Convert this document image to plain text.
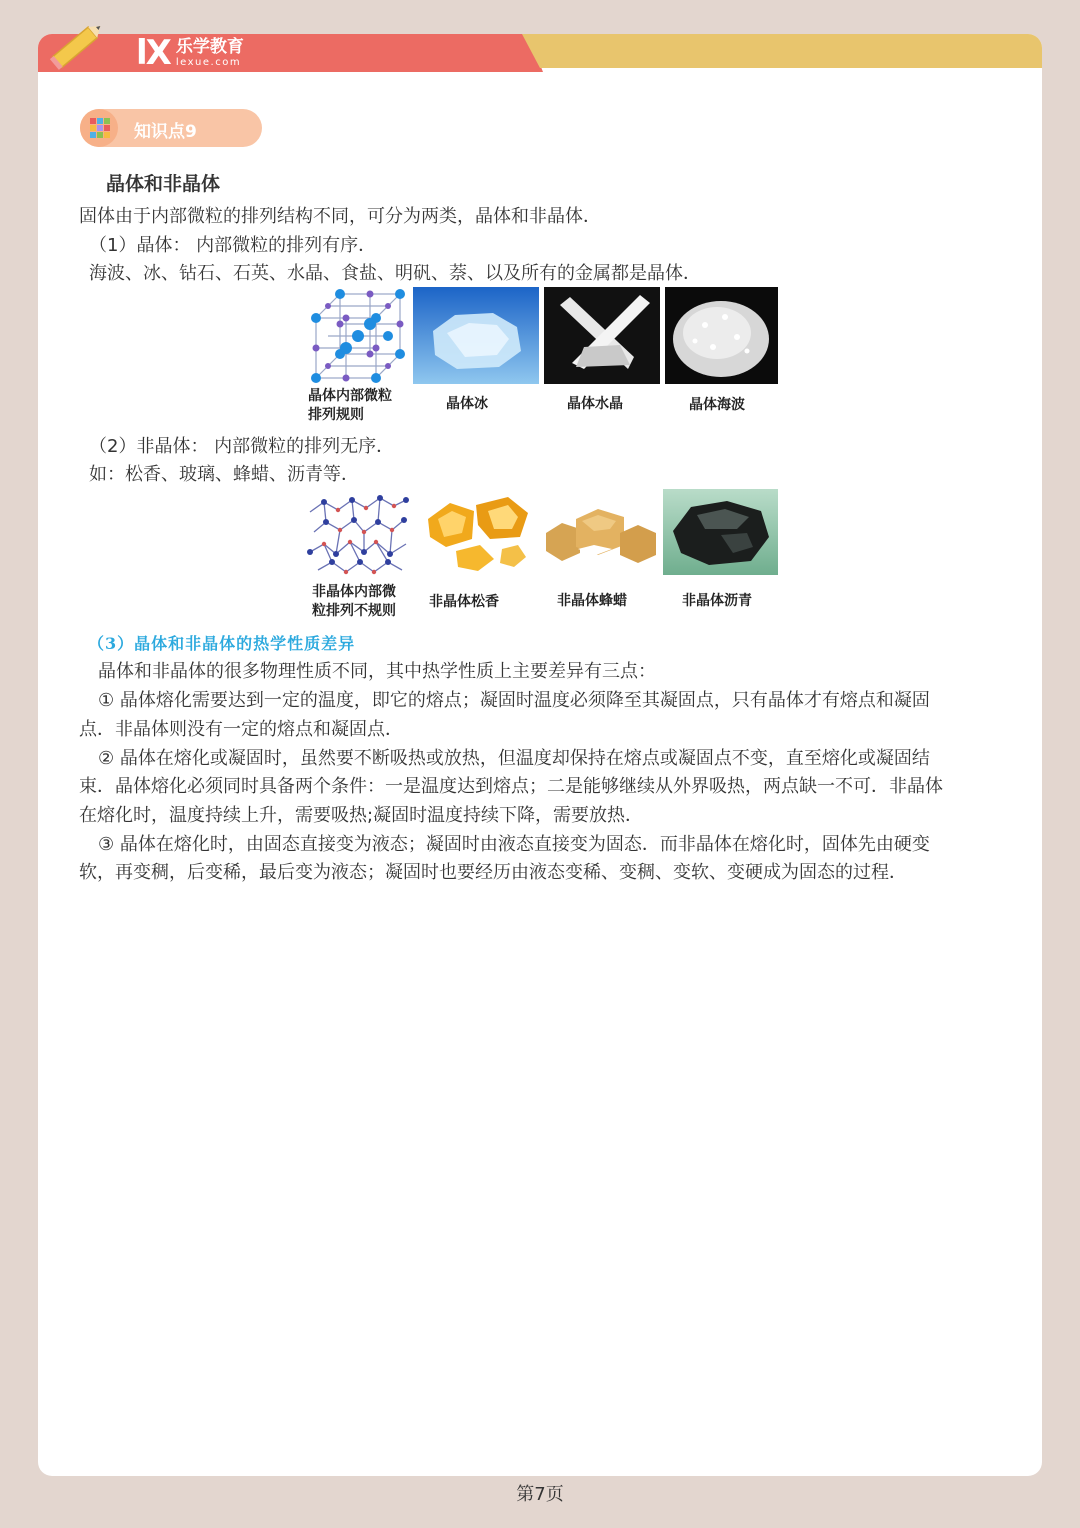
lX 乐学教育
lexue.com
知识点9
晶体和非晶体
固体由于内部微粒的排列结构不同，可分为两类，晶体和非晶体．
（1）晶体： 内部微粒的排列有序．
海波、冰、钻石、石英、水晶、食盐、明矾、萘、以及所有的金属都是晶体．
晶体内部微粒
排列规则
晶体冰	晶体水晶	晶体海波
（2）非晶体： 内部微粒的排列无序．
如：松香、玻璃、蜂蜡、沥青等．
非晶体内部微
粒排列不规则
非晶体松香	非晶体蜂蜡	非晶体沥青
（3）晶体和非晶体的热学性质差异
晶体和非晶体的很多物理性质不同，其中热学性质上主要差异有三点：
① 晶体熔化需要达到一定的温度，即它的熔点；凝固时温度必须降至其凝固点，只有晶体才有熔点和凝固
点．非晶体则没有一定的熔点和凝固点．
② 晶体在熔化或凝固时，虽然要不断吸热或放热，但温度却保持在熔点或凝固点不变，直至熔化或凝固结
束．晶体熔化必须同时具备两个条件：一是温度达到熔点；二是能够继续从外界吸热，两点缺一不可．非晶体
在熔化时，温度持续上升，需要吸热;凝固时温度持续下降，需要放热．
③ 晶体在熔化时，由固态直接变为液态；凝固时由液态直接变为固态．而非晶体在熔化时，固体先由硬变
软，再变稠，后变稀，最后变为液态；凝固时也要经历由液态变稀、变稠、变软、变硬成为固态的过程．
第7页
